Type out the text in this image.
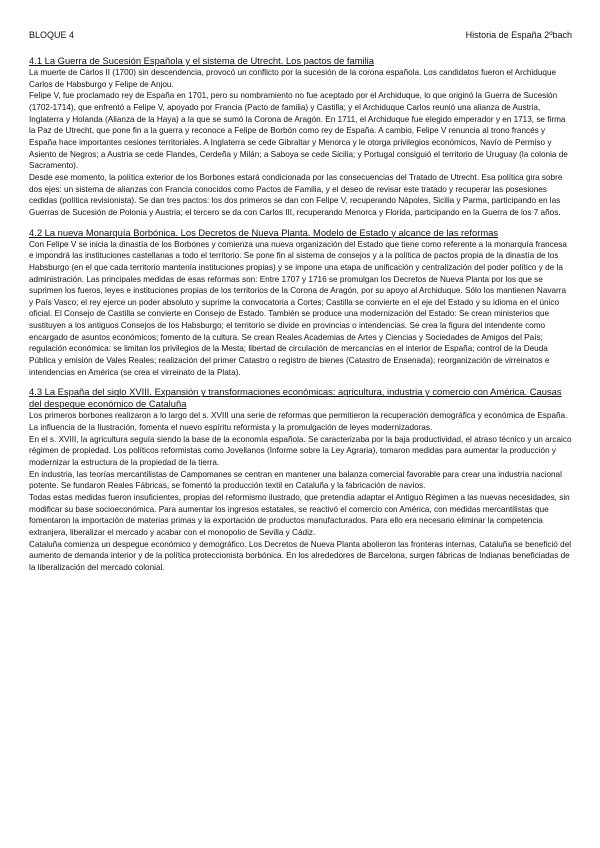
BLOQUE 4	Historia de España 2ºbach
4.1 La Guerra de Sucesión Española y el sistema de Utrecht. Los pactos de familia

La muerte de Carlos II (1700) sin descendencia, provocó un conflicto por la sucesión de la corona española. Los candidatos fueron el Archiduque Carlos de Habsburgo y Felipe de Anjou.

Felipe V, fue proclamado rey de España en 1701, pero su nombramiento no fue aceptado por el Archiduque, lo que originó la Guerra de Sucesión (1702-1714), que enfrentó a Felipe V, apoyado por Francia (Pacto de familia) y Castilla; y el Archiduque Carlos reunió una alianza de Austria, Inglaterra y Holanda (Alianza de la Haya) a la que se sumó la Corona de Aragón. En 1711, el Archiduque fue elegido emperador y en 1713, se firma la Paz de Utrecht, que pone fin a la guerra y reconoce a Felipe de Borbón como rey de España. A cambio, Felipe V renuncia al trono francés y España hace importantes cesiones territoriales. A Inglaterra se cede Gibraltar y Menorca y le otorga privilegios económicos, Navío de Permiso y Asiento de Negros; a Austria se cede Flandes, Cerdeña y Milán; a Saboya se cede Sicilia; y Portugal consiguió el territorio de Uruguay (la colonia de Sacramento).

Desde ese momento, la política exterior de los Borbones estará condicionada por las consecuencias del Tratado de Utrecht. Esa política gira sobre dos ejes: un sistema de alianzas con Francia conocidos como Pactos de Familia, y el deseo de revisar este tratado y recuperar las posesiones cedidas (política revisionista). Se dan tres pactos: los dos primeros se dan con Felipe V, recuperando Nápoles, Sicilia y Parma, participando en las Guerras de Sucesión de Polonia y Austria; el tercero se da con Carlos III, recuperando Menorca y Florida, participando en la Guerra de los 7 años.

4.2 La nueva Monarquía Borbónica. Los Decretos de Nueva Planta. Modelo de Estado y alcance de las reformas

Con Felipe V se inicia la dinastía de los Borbones y comienza una nueva organización del Estado que tiene como referente a la monarquía francesa e impondrá las instituciones castellanas a todo el territorio. Se pone fin al sistema de consejos y a la política de pactos propia de la dinastía de los Habsburgo (en el que cada territorio mantenía instituciones propias) y se impone una etapa de unificación y centralización del poder político y de la administración. Las principales medidas de esas reformas son: Entre 1707 y 1716 se promulgan los Decretos de Nueva Planta por los que se suprimen los fueros, leyes e instituciones propias de los territorios de la Corona de Aragón, por su apoyo al Archiduque. Sólo los mantienen Navarra y País Vasco; el rey ejerce un poder absoluto y suprime la convocatoria a Cortes; Castilla se convierte en el eje del Estado y su idioma en el único oficial. El Consejo de Castilla se convierte en Consejo de Estado. También se produce una modernización del Estado: Se crean ministerios que sustituyen a los antiguos Consejos de los Habsburgo; el territorio se divide en provincias o intendencias. Se crea la figura del intendente como encargado de asuntos económicos; fomento de la cultura. Se crean Reales Academias de Artes y Ciencias y Sociedades de Amigos del País; regulación económica: se limitan los privilegios de la Mesta; libertad de circulación de mercancías en el interior de España; control de la Deuda Pública y emisión de Vales Reales; realización del primer Catastro o registro de bienes (Catastro de Ensenada); reorganización de virreinatos e intendencias en América (se crea el virreinato de la Plata).

4.3 La España del siglo XVIII. Expansión y transformaciones económicas: agricultura, industria y comercio con América. Causas del despegue económico de Cataluña

Los primeros borbones realizaron a lo largo del s. XVIII una serie de reformas que permitieron la recuperación demográfica y económica de España. La influencia de la Ilustración, fomenta el nuevo espíritu reformista y la promulgación de leyes modernizadoras.

En el s. XVIII, la agricultura seguía siendo la base de la economía española. Se caracterizaba por la baja productividad, el atraso técnico y un arcaico régimen de propiedad. Los políticos reformistas como Jovellanos (Informe sobre la Ley Agraria), tomaron medidas para aumentar la producción y modernizar la estructura de la propiedad de la tierra.

En industria, las teorías mercantilistas de Campomanes se centran en mantener una balanza comercial favorable para crear una industria nacional potente. Se fundaron Reales Fábricas, se fomentó la producción textil en Cataluña y la fabricación de navíos.

Todas estas medidas fueron insuficientes, propias del reformismo ilustrado, que pretendía adaptar el Antiguo Régimen a las nuevas necesidades, sin modificar su base socioeconómica. Para aumentar los ingresos estatales, se reactivó el comercio con América, con medidas mercantilistas que fomentaron la importación de materias primas y la exportación de productos manufacturados. Para ello era necesario eliminar la competencia extranjera, liberalizar el mercado y acabar con el monopolio de Sevilla y Cádiz.

Cataluña comienza un despegue económico y demográfico. Los Decretos de Nueva Planta abolieron las fronteras internas, Cataluña se benefició del aumento de demanda interior y de la política proteccionista borbónica. En los alrededores de Barcelona, surgen fábricas de Indianas beneficiadas de la liberalización del mercado colonial.
